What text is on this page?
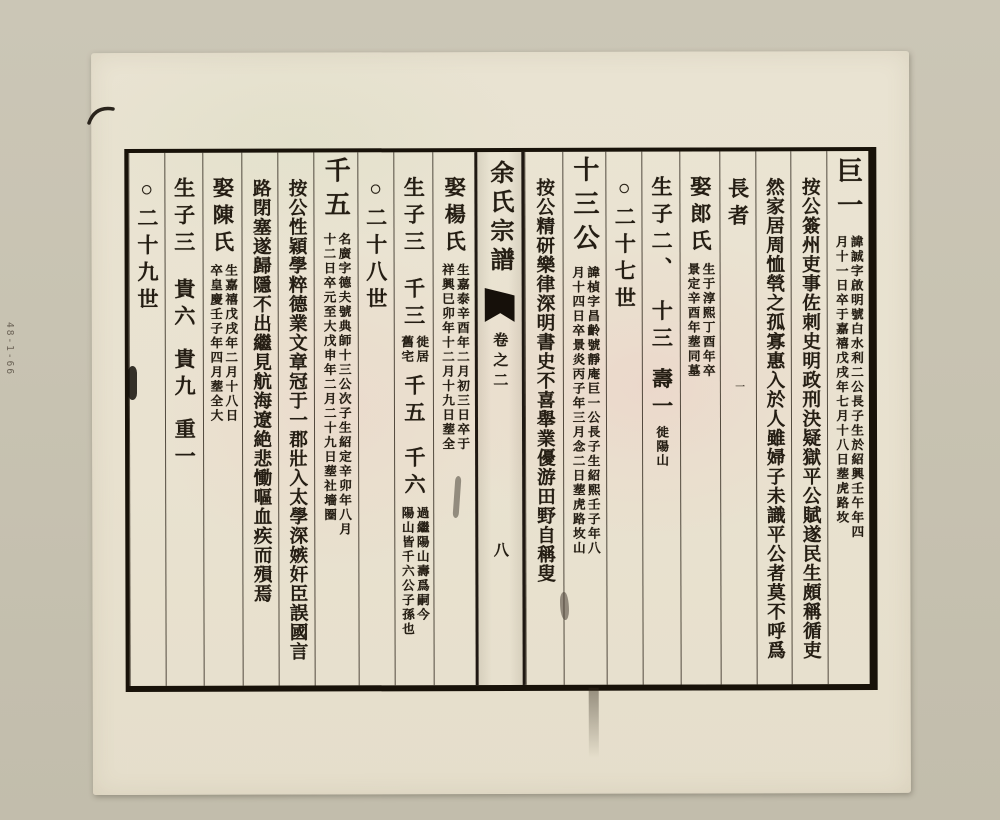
巨一
諱誠字啟明號白水利二公長子生於紹興壬午年四
月十一日卒于嘉禧戊戌年七月十八日塟虎路坆
按公簽州吏事佐刺史明政刑決疑獄平公賦遂民生頗稱循吏
然家居周恤煢之孤寡惠入於人雖婦子未識平公者莫不呼爲
長者一
娶郎氏
生于淳熙丁酉年卒
景定辛酉年塟同墓
生子二、十三壽一徙陽山
○二十七世
十三公
諱楨字昌齡號靜庵巨一公長子生紹熙壬子年八
月十四日卒景炎丙子年三月念二日塟虎路坆山
按公精研樂律深明書史不喜舉業優游田野自稱叟
余氏宗譜卷之二八
娶楊氏
生嘉泰辛酉年二月初三日卒于
祥興巳卯年十二月十九日塟全
生子三千三
徙居
舊宅
千五千六
過繼陽山壽爲嗣今
陽山皆千六公子孫也
○二十八世
千五
名廣字德夫號典師十三公次子生紹定辛卯年八月
十二日卒元至大戊申年二月二十九日塟社墻圈
按公性穎學粹德業文章冠于一郡壯入太學深嫉奸臣誤國言
路閉塞遂歸隱不出繼見航海遼絶悲慟嘔血疾而殞焉
娶陳氏
生嘉禧戊戌年二月十八日
卒皇慶壬子年四月塟全大
生子三貴六貴九重一
○二十九世
48-1-66
